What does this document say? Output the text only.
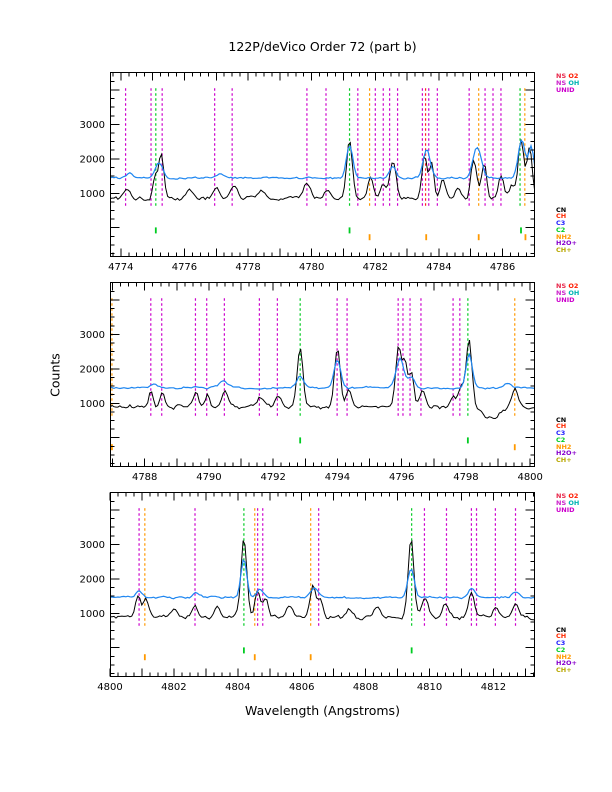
122P/deVico Order 72 (part b)
Counts
4774	4776	4778	4780	4782	4784	4786
1000
2000
3000
4788	4790	4792	4794	4796	4798	4800
1000
2000
3000
4800	4802	4804	4806	4808	4810	4812
1000
2000
3000
NS O2
NS OH
UNID
CN
CH
C3
C2
NH2
H2O+
CH+
NS O2
NS OH
UNID
CN
CH
C3
C2
NH2
H2O+
CH+
NS O2
NS OH
UNID
CN
CH
C3
C2
NH2
H2O+
CH+
Wavelength (Angstroms)
